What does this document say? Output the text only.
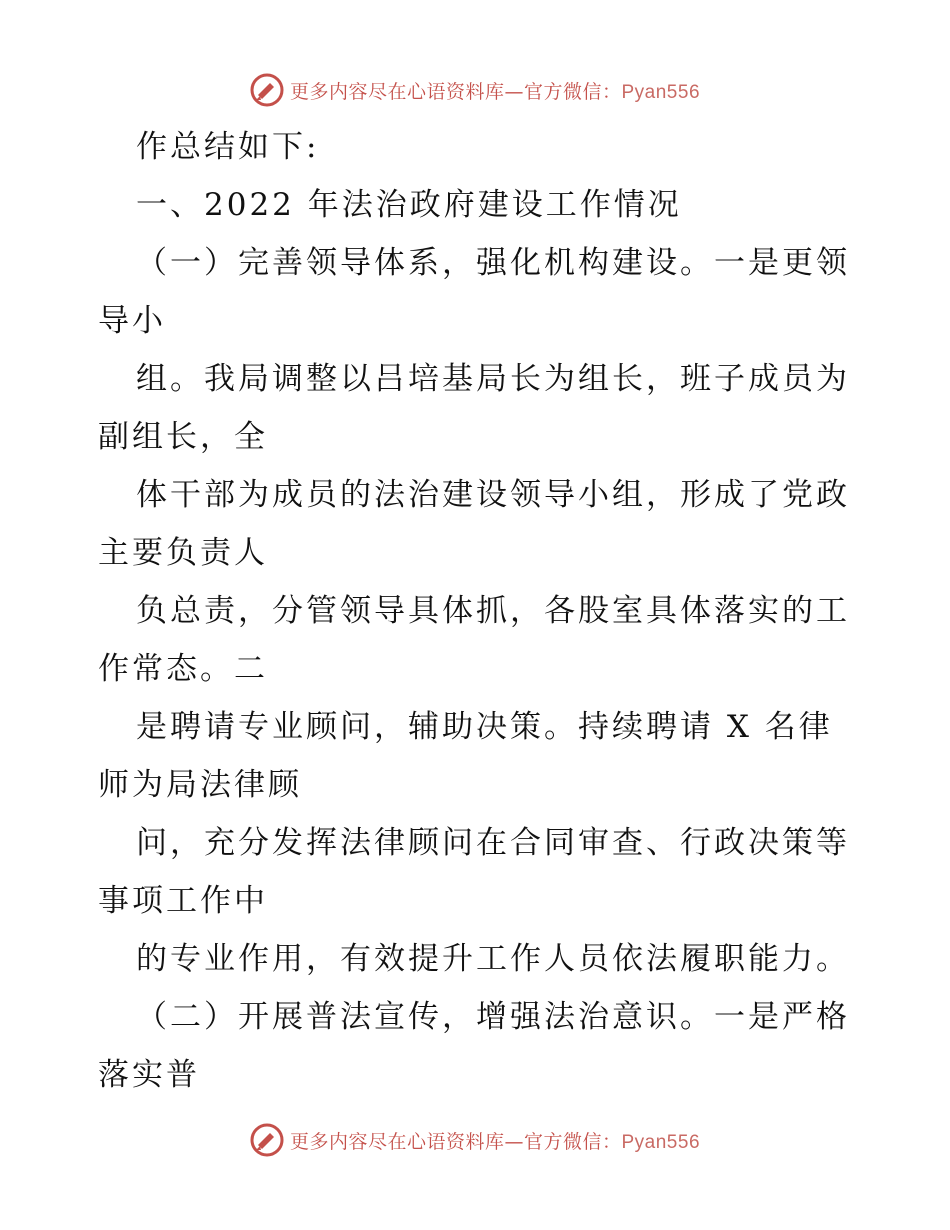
更多内容尽在心语资料库—官方微信：Pyan556
作总结如下:
一、2022 年法治政府建设工作情况
（一）完善领导体系，强化机构建设。一是更领
导小
组。我局调整以吕培基局长为组长，班子成员为
副组长，全
体干部为成员的法治建设领导小组，形成了党政
主要负责人
负总责，分管领导具体抓，各股室具体落实的工
作常态。二
是聘请专业顾问，辅助决策。持续聘请 X 名律
师为局法律顾
问，充分发挥法律顾问在合同审查、行政决策等
事项工作中
的专业作用，有效提升工作人员依法履职能力。
（二）开展普法宣传，增强法治意识。一是严格
落实普
更多内容尽在心语资料库—官方微信：Pyan556
